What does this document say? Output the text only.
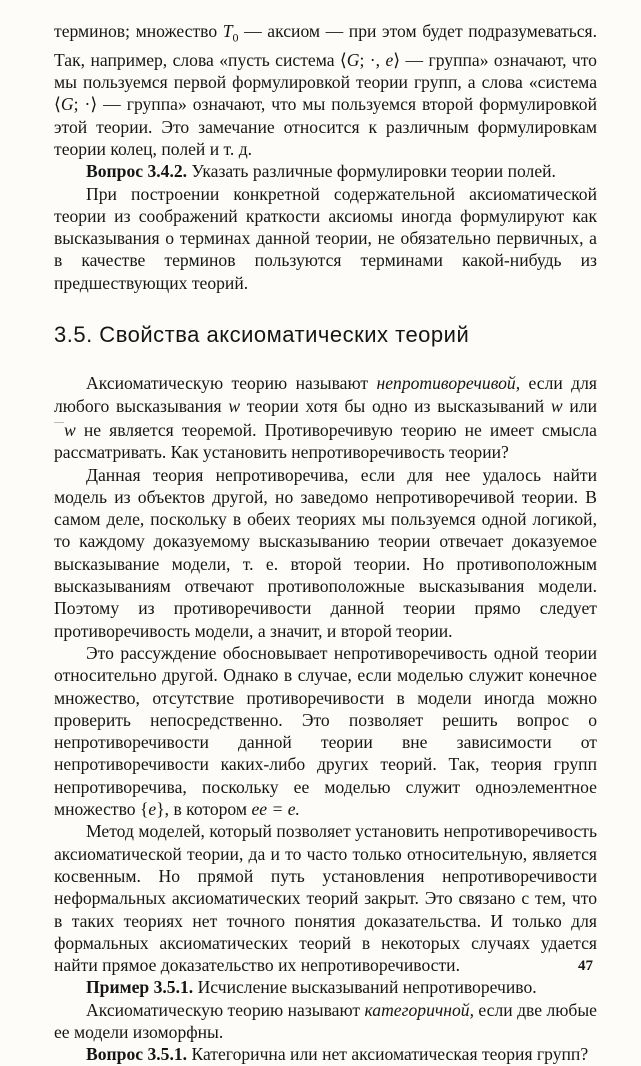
терминов; множество $T_0$ — аксиом — при этом будет подразумеваться. Так, например, слова «пусть система ⟨G; ·, e⟩ — группа» означают, что мы пользуемся первой формулировкой теории групп, а слова «система ⟨G; ·⟩ — группа» означают, что мы пользуемся второй формулировкой этой теории. Это замечание относится к различным формулировкам теории колец, полей и т. д.

Вопрос 3.4.2. Указать различные формулировки теории полей.

При построении конкретной содержательной аксиоматической теории из соображений краткости аксиомы иногда формулируют как высказывания о терминах данной теории, не обязательно первичных, а в качестве терминов пользуются терминами какой-нибудь из предшествующих теорий.

3.5. Свойства аксиоматических теорий

Аксиоматическую теорию называют непротиворечивой, если для любого высказывания w теории хотя бы одно из высказываний w или ¯¯w не является теоремой. Противоречивую теорию не имеет смысла рассматривать. Как установить непротиворечивость теории?

Данная теория непротиворечива, если для нее удалось найти модель из объектов другой, но заведомо непротиворечивой теории. В самом деле, поскольку в обеих теориях мы пользуемся одной логикой, то каждому доказуемому высказыванию теории отвечает доказуемое высказывание модели, т. е. второй теории. Но противоположным высказываниям отвечают противоположные высказывания модели. Поэтому из противоречивости данной теории прямо следует противоречивость модели, а значит, и второй теории.

Это рассуждение обосновывает непротиворечивость одной теории относительно другой. Однако в случае, если моделью служит конечное множество, отсутствие противоречивости в модели иногда можно проверить непосредственно. Это позволяет решить вопрос о непротиворечивости данной теории вне зависимости от непротиворечивости каких-либо других теорий. Так, теория групп непротиворечива, поскольку ее моделью служит одноэлементное множество {e}, в котором ee = e.

Метод моделей, который позволяет установить непротиворечивость аксиоматической теории, да и то часто только относительную, является косвенным. Но прямой путь установления непротиворечивости неформальных аксиоматических теорий закрыт. Это связано с тем, что в таких теориях нет точного понятия доказательства. И только для формальных аксиоматических теорий в некоторых случаях удается найти прямое доказательство их непротиворечивости.

Пример 3.5.1. Исчисление высказываний непротиворечиво.

Аксиоматическую теорию называют категоричной, если две любые ее модели изоморфны.

Вопрос 3.5.1. Категорична или нет аксиоматическая теория групп?

47
